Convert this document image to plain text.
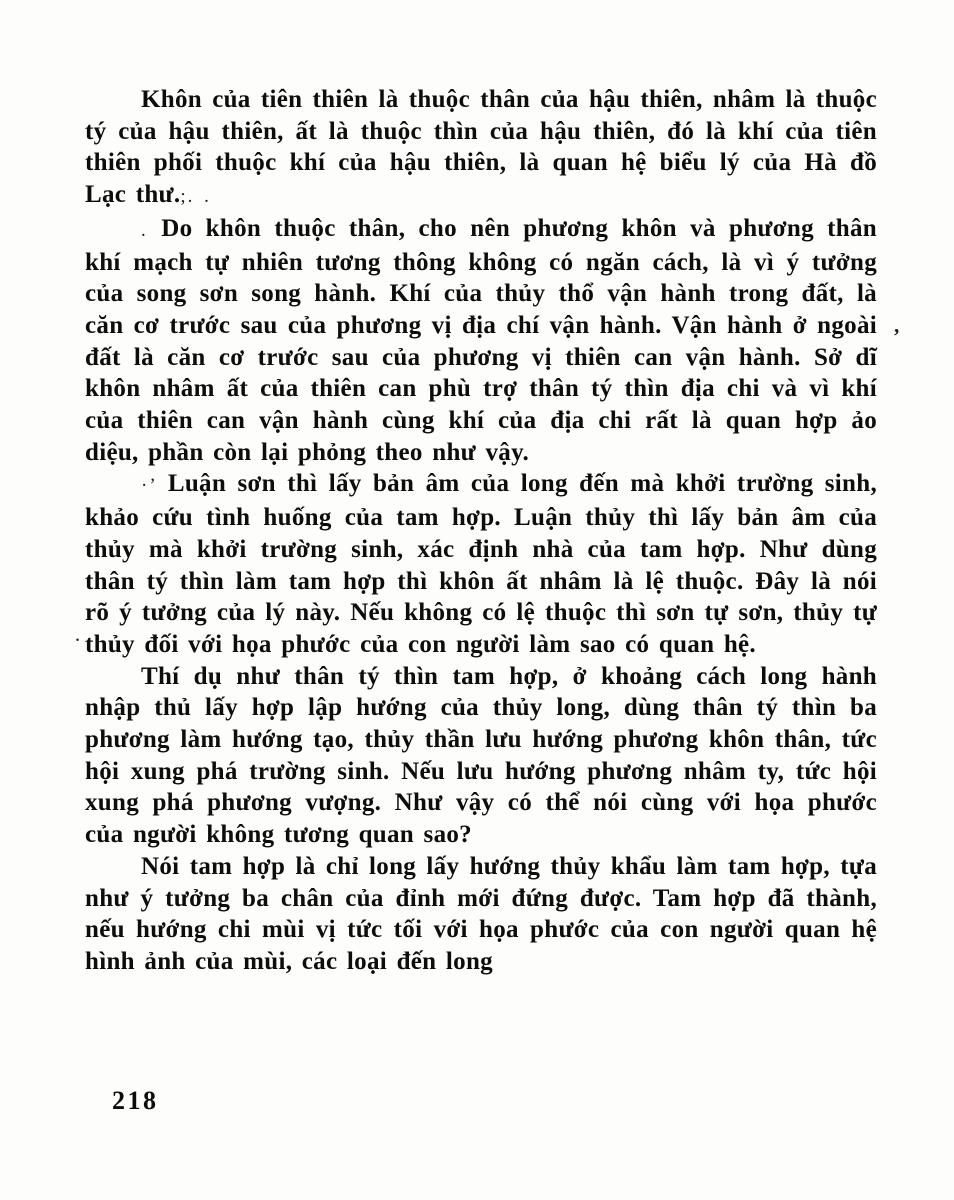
Khôn của tiên thiên là thuộc thân của hậu thiên, nhâm là thuộc tý của hậu thiên, ất là thuộc thìn của hậu thiên, đó là khí của tiên thiên phối thuộc khí của hậu thiên, là quan hệ biểu lý của Hà đồ Lạc thư.;. .

. Do khôn thuộc thân, cho nên phương khôn và phương thân khí mạch tự nhiên tương thông không có ngăn cách, là vì ý tưởng của song sơn song hành. Khí của thủy thổ vận hành trong đất, là căn cơ trước sau của phương vị địa chí vận hành. Vận hành ở ngoài đất là căn cơ trước sau của phương vị thiên can vận hành. Sở dĩ khôn nhâm ất của thiên can phù trợ thân tý thìn địa chi và vì khí của thiên can vận hành cùng khí của địa chi rất là quan hợp ảo diệu, phần còn lại phỏng theo như vậy.

·’ Luận sơn thì lấy bản âm của long đến mà khởi trường sinh, khảo cứu tình huống của tam hợp. Luận thủy thì lấy bản âm của thủy mà khởi trường sinh, xác định nhà của tam hợp. Như dùng thân tý thìn làm tam hợp thì khôn ất nhâm là lệ thuộc. Đây là nói rõ ý tưởng của lý này. Nếu không có lệ thuộc thì sơn tự sơn, thủy tự thủy đối với họa phước của con người làm sao có quan hệ.

Thí dụ như thân tý thìn tam hợp, ở khoảng cách long hành nhập thủ lấy hợp lập hướng của thủy long, dùng thân tý thìn ba phương làm hướng tạo, thủy thần lưu hướng phương khôn thân, tức hội xung phá trường sinh. Nếu lưu hướng phương nhâm ty, tức hội xung phá phương vượng. Như vậy có thể nói cùng với họa phước của người không tương quan sao?

Nói tam hợp là chỉ long lấy hướng thủy khẩu làm tam hợp, tựa như ý tưởng ba chân của đỉnh mới đứng được. Tam hợp đã thành, nếu hướng chi mùi vị tức tối với họa phước của con người quan hệ hình ảnh của mùi, các loại đến long

’
·
218
